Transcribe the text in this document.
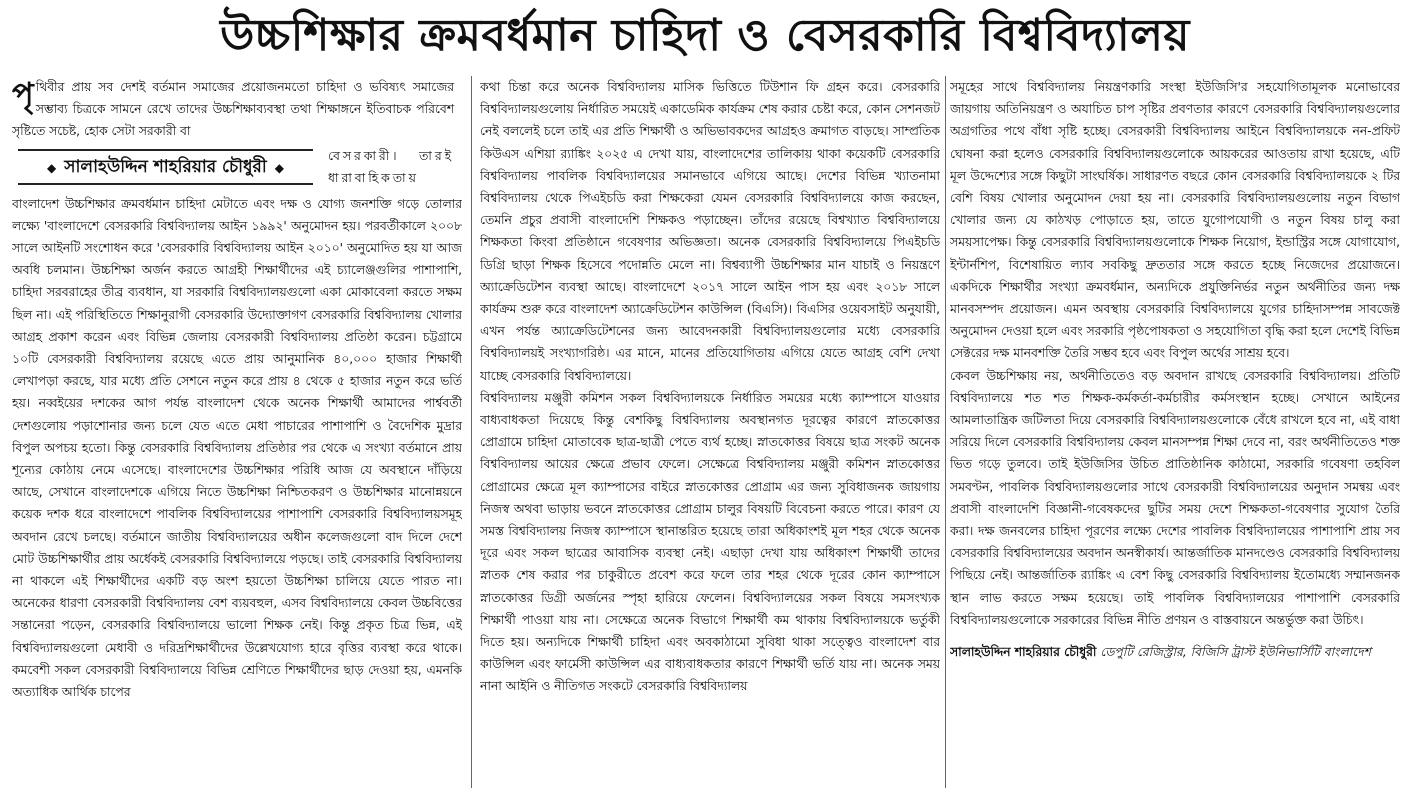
উচ্চশিক্ষার ক্রমবর্ধমান চাহিদা ও বেসরকারি বিশ্ববিদ্যালয়

পৃথিবীর প্রায় সব দেশই বর্তমান সমাজের প্রয়োজনমতো চাহিদা ও ভবিষ্যৎ সমাজের সম্ভাব্য চিত্রকে সামনে রেখে তাদের উচ্চশিক্ষাব্যবস্থা তথা শিক্ষাঙ্গনে ইতিবাচক পরিবেশ সৃষ্টিতে সচেষ্ট, হোক সেটা সরকারী বা

◆ সালাহউদ্দিন শাহরিয়ার চৌধুরী ◆
বেসরকারী। তারই ধারাবাহিকতায়

বাংলাদেশ উচ্চশিক্ষার ক্রমবর্ধমান চাহিদা মেটাতে এবং দক্ষ ও যোগ্য জনশক্তি গড়ে তোলার লক্ষ্যে 'বাংলাদেশে বেসরকারি বিশ্ববিদ্যালয় আইন ১৯৯২' অনুমোদন হয়। পরবর্তীকালে ২০০৮ সালে আইনটি সংশোধন করে 'বেসরকারি বিশ্ববিদ্যালয় আইন ২০১০' অনুমোদিত হয় যা আজ অবধি চলমান। উচ্চশিক্ষা অর্জন করতে আগ্রহী শিক্ষার্থীদের এই চ্যালেঞ্জগুলির পাশাপাশি, চাহিদা সরবরাহের তীব্র ব্যবধান, যা সরকারি বিশ্ববিদ্যালয়গুলো একা মোকাবেলা করতে সক্ষম ছিল না। এই পরিস্থিতিতে শিক্ষানুরাগী বেসরকারি উদ্যোক্তাগণ বেসরকারি বিশ্ববিদ্যালয় খোলার আগ্রহ প্রকাশ করেন এবং বিভিন্ন জেলায় বেসরকারী বিশ্ববিদ্যালয় প্রতিষ্ঠা করেন। চট্টগ্রামে ১০টি বেসরকারী বিশ্ববিদ্যালয় রয়েছে এতে প্রায় আনুমানিক ৪০,০০০ হাজার শিক্ষার্থী লেখাপড়া করছে, যার মধ্যে প্রতি সেশনে নতুন করে প্রায় ৪ থেকে ৫ হাজার নতুন করে ভর্তি হয়। নব্বইয়ের দশকের আগ পর্যন্ত বাংলাদেশ থেকে অনেক শিক্ষার্থী আমাদের পার্শ্ববর্তী দেশগুলোয় পড়াশোনার জন্য চলে যেত এতে মেধা পাচারের পাশাপাশি ও বৈদেশিক মুদ্রার বিপুল অপচয় হতো। কিন্তু বেসরকারি বিশ্ববিদ্যালয় প্রতিষ্ঠার পর থেকে এ সংখ্যা বর্তমানে প্রায় শূন্যের কোঠায় নেমে এসেছে। বাংলাদেশের উচ্চশিক্ষার পরিধি আজ যে অবস্থানে দাঁড়িয়ে আছে, সেখানে বাংলাদেশকে এগিয়ে নিতে উচ্চশিক্ষা নিশ্চিতকরণ ও উচ্চশিক্ষার মানোন্নয়নে কয়েক দশক ধরে বাংলাদেশে পাবলিক বিশ্ববিদ্যালয়ের পাশাপাশি বেসরকারি বিশ্ববিদ্যালয়সমূহ অবদান রেখে চলছে। বর্তমানে জাতীয় বিশ্ববিদ্যালয়ের অধীন কলেজগুলো বাদ দিলে দেশে মোট উচ্চশিক্ষার্থীর প্রায় অর্ধেকই বেসরকারি বিশ্ববিদ্যালয়ে পড়ছে। তাই বেসরকারি বিশ্ববিদ্যালয় না থাকলে এই শিক্ষার্থীদের একটি বড় অংশ হয়তো উচ্চশিক্ষা চালিয়ে যেতে পারত না। অনেকের ধারণা বেসরকারী বিশ্ববিদ্যালয় বেশ ব্যয়বহুল, এসব বিশ্ববিদ্যালয়ে কেবল উচ্চবিত্তের সন্তানেরা পড়েন, বেসরকারি বিশ্ববিদ্যালয়ে ভালো শিক্ষক নেই। কিন্তু প্রকৃত চিত্র ভিন্ন, এই বিশ্ববিদ্যালয়গুলো মেধাবী ও দরিদ্রশিক্ষার্থীদের উল্লেখযোগ্য হারে বৃত্তির ব্যবস্থা করে থাকে। কমবেশী সকল বেসরকারী বিশ্ববিদ্যালয়ে বিভিন্ন শ্রেণিতে শিক্ষার্থীদের ছাড় দেওয়া হয়, এমনকি অত্যাধিক আর্থিক চাপের

কথা চিন্তা করে অনেক বিশ্ববিদ্যালয় মাসিক ভিত্তিতে টিউশান ফি গ্রহন করে। বেসরকারি বিশ্ববিদ্যালয়গুলোয় নির্ধারিত সময়েই একাডেমিক কার্যক্রম শেষ করার চেষ্টা করে, কোন সেশনজট নেই বললেই চলে তাই এর প্রতি শিক্ষার্থী ও অভিভাবকদের আগ্রহও ক্রমাগত বাড়ছে। সাম্প্রতিক কিউএস এশিয়া র‌্যাঙ্কিং ২০২৫ এ দেখা যায়, বাংলাদেশের তালিকায় থাকা কয়েকটি বেসরকারি বিশ্ববিদ্যালয় পাবলিক বিশ্ববিদ্যালয়ের সমানভাবে এগিয়ে আছে। দেশের বিভিন্ন খ্যাতনামা বিশ্ববিদ্যালয় থেকে পিএইচডি করা শিক্ষকেরা যেমন বেসরকারি বিশ্ববিদ্যালয়ে কাজ করছেন, তেমনি প্রচুর প্রবাসী বাংলাদেশি শিক্ষকও পড়াচ্ছেন। তাঁদের রয়েছে বিশ্বখ্যাত বিশ্ববিদ্যালয়ে শিক্ষকতা কিংবা প্রতিষ্ঠানে গবেষণার অভিজ্ঞতা। অনেক বেসরকারি বিশ্ববিদ্যালয়ে পিএইচডি ডিগ্রি ছাড়া শিক্ষক হিসেবে পদোন্নতি মেলে না। বিশ্বব্যাপী উচ্চশিক্ষার মান যাচাই ও নিয়ন্ত্রণে অ্যাক্রেডিটেশন ব্যবস্থা আছে। বাংলাদেশে ২০১৭ সালে আইন পাস হয় এবং ২০১৮ সালে কার্যক্রম শুরু করে বাংলাদেশ অ্যাক্রেডিটেশন কাউন্সিল (বিএসি)। বিএসির ওয়েবসাইট অনুযায়ী, এখন পর্যন্ত অ্যাক্রেডিটেশনের জন্য আবেদনকারী বিশ্ববিদ্যালয়গুলোর মধ্যে বেসরকারি বিশ্ববিদ্যালয়ই সংখ্যাগরিষ্ঠ। এর মানে, মানের প্রতিযোগিতায় এগিয়ে যেতে আগ্রহ বেশি দেখা যাচ্ছে বেসরকারি বিশ্ববিদ্যালয়ে।

বিশ্ববিদ্যালয় মঞ্জুরী কমিশন সকল বিশ্ববিদ্যালয়কে নির্ধারিত সময়ের মধ্যে ক্যাম্পাসে যাওয়ার বাধ্যবাধকতা দিয়েছে কিন্তু বেশকিছু বিশ্ববিদ্যালয় অবস্থানগত দূরত্বের কারণে স্নাতকোত্তর প্রোগ্রামে চাহিদা মোতাবেক ছাত্র-ছাত্রী পেতে ব্যর্থ হচ্ছে। স্নাতকোত্তর বিষয়ে ছাত্র সংকট অনেক বিশ্ববিদ্যালয় আয়ের ক্ষেত্রে প্রভাব ফেলে। সেক্ষেত্রে বিশ্ববিদ্যালয় মঞ্জুরী কমিশন স্নাতকোত্তর প্রোগ্রামের ক্ষেত্রে মূল ক্যাম্পাসের বাইরে স্নাতকোত্তর প্রোগ্রাম এর জন্য সুবিধাজনক জায়গায় নিজস্ব অথবা ভাড়ায় ভবনে স্নাতকোত্তর প্রোগ্রাম চালুর বিষয়টি বিবেচনা করতে পারে। কারণ যে সমস্ত বিশ্ববিদ্যালয় নিজস্ব ক্যাম্পাসে স্থানান্তরিত হয়েছে তারা অধিকাংশই মূল শহর থেকে অনেক দূরে এবং সকল ছাত্রের আবাসিক ব্যবস্থা নেই। এছাড়া দেখা যায় অধিকাংশ শিক্ষার্থী তাদের স্নাতক শেষ করার পর চাকুরীতে প্রবেশ করে ফলে তার শহর থেকে দূরের কোন ক্যাম্পাসে স্নাতকোত্তর ডিগ্রী অর্জনের স্পৃহা হারিয়ে ফেলেন। বিশ্ববিদ্যালয়ের সকল বিষয়ে সমসংখ্যক শিক্ষার্থী পাওয়া যায় না। সেক্ষেত্রে অনেক বিভাগে শিক্ষার্থী কম থাকায় বিশ্ববিদ্যালয়কে ভর্তুকী দিতে হয়। অন্যদিকে শিক্ষার্থী চাহিদা এবং অবকাঠামো সুবিধা থাকা সত্ত্বেও বাংলাদেশ বার কাউন্সিল এবং ফার্মেসী কাউন্সিল এর বাধ্যবাধকতার কারণে শিক্ষার্থী ভর্তি যায় না। অনেক সময় নানা আইনি ও নীতিগত সংকটে বেসরকারি বিশ্ববিদ্যালয়

সমূহের সাথে বিশ্ববিদ্যালয় নিয়ন্ত্রণকারি সংস্থা ইউজিসি'র সহযোগিতামূলক মনোভাবের জায়গায় অতিনিয়ন্ত্রণ ও অযাচিত চাপ সৃষ্টির প্রবণতার কারণে বেসরকারি বিশ্ববিদ্যালয়গুলোর অগ্রগতির পথে বাঁধা সৃষ্টি হচ্ছে। বেসরকারী বিশ্ববিদ্যালয় আইনে বিশ্ববিদ্যালয়কে নন-প্রফিট ঘোষনা করা হলেও বেসরকারি বিশ্ববিদ্যালয়গুলোকে আয়করের আওতায় রাখা হয়েছে, এটি মূল উদ্দেশ্যের সঙ্গে কিছুটা সাংঘর্ষিক। সাধারণত বছরে কোন বেসরকারি বিশ্ববিদ্যালয়কে ২ টির বেশি বিষয় খোলার অনুমোদন দেয়া হয় না। বেসরকারি বিশ্ববিদ্যালয়গুলোয় নতুন বিভাগ খোলার জন্য যে কাঠখড় পোড়াতে হয়, তাতে যুগোপযোগী ও নতুন বিষয় চালু করা সময়সাপেক্ষ। কিন্তু বেসরকারি বিশ্ববিদ্যালয়গুলোকে শিক্ষক নিয়োগ, ইন্ডাস্ট্রির সঙ্গে যোগাযোগ, ইন্টার্নশিপ, বিশেষায়িত ল্যাব সবকিছু দ্রুততার সঙ্গে করতে হচ্ছে নিজেদের প্রয়োজনে। একদিকে শিক্ষার্থীর সংখ্যা ক্রমবর্ধমান, অন্যদিকে প্রযুক্তিনির্ভর নতুন অর্থনীতির জন্য দক্ষ মানবসম্পদ প্রয়োজন। এমন অবস্থায় বেসরকারি বিশ্ববিদ্যালয়ে যুগের চাহিদাসম্পন্ন সাবজেক্ট অনুমোদন দেওয়া হলে এবং সরকারি পৃষ্ঠপোষকতা ও সহযোগিতা বৃদ্ধি করা হলে দেশেই বিভিন্ন সেক্টরের দক্ষ মানবশক্তি তৈরি সম্ভব হবে এবং বিপুল অর্থের সাশ্রয় হবে।

কেবল উচ্চশিক্ষায় নয়, অর্থনীতিতেও বড় অবদান রাখছে বেসরকারি বিশ্ববিদ্যালয়। প্রতিটি বিশ্ববিদ্যালয়ে শত শত শিক্ষক-কর্মকর্তা-কর্মচারীর কর্মসংস্থান হচ্ছে। সেখানে আইনের আমলাতান্ত্রিক জটিলতা দিয়ে বেসরকারি বিশ্ববিদ্যালয়গুলোকে বেঁধে রাখলে হবে না, এই বাধা সরিয়ে দিলে বেসরকারি বিশ্ববিদ্যালয় কেবল মানসম্পন্ন শিক্ষা দেবে না, বরং অর্থনীতিতেও শক্ত ভিত গড়ে তুলবে। তাই ইউজিসির উচিত প্রাতিষ্ঠানিক কাঠামো, সরকারি গবেষণা তহবিল সমবণ্টন, পাবলিক বিশ্ববিদ্যালয়গুলোর সাথে বেসরকারী বিশ্ববিদ্যালয়ের অনুদান সমন্বয় এবং প্রবাসী বাংলাদেশি বিজ্ঞানী-গবেষকদের ছুটির সময় দেশে শিক্ষকতা-গবেষণার সুযোগ তৈরি করা। দক্ষ জনবলের চাহিদা পূরণের লক্ষ্যে দেশের পাবলিক বিশ্ববিদ্যালয়ের পাশাপাশি প্রায় সব বেসরকারি বিশ্ববিদ্যালয়ের অবদান অনস্বীকার্য। আন্তর্জাতিক মানদণ্ডেও বেসরকারি বিশ্ববিদ্যালয় পিছিয়ে নেই। আন্তর্জাতিক র‌্যাঙ্কিং এ বেশ কিছু বেসরকারি বিশ্ববিদ্যালয় ইতোমধ্যে সম্মানজনক স্থান লাভ করতে সক্ষম হয়েছে। তাই পাবলিক বিশ্ববিদ্যালয়ের পাশাপাশি বেসরকারি বিশ্ববিদ্যালয়গুলোকে সরকারের বিভিন্ন নীতি প্রণয়ন ও বাস্তবায়নে অন্তর্ভুক্ত করা উচিৎ।

সালাহউদ্দিন শাহরিয়ার চৌধুরী ডেপুটি রেজিস্ট্রার, বিজিসি ট্রাস্ট ইউনিভার্সিটি বাংলাদেশ
